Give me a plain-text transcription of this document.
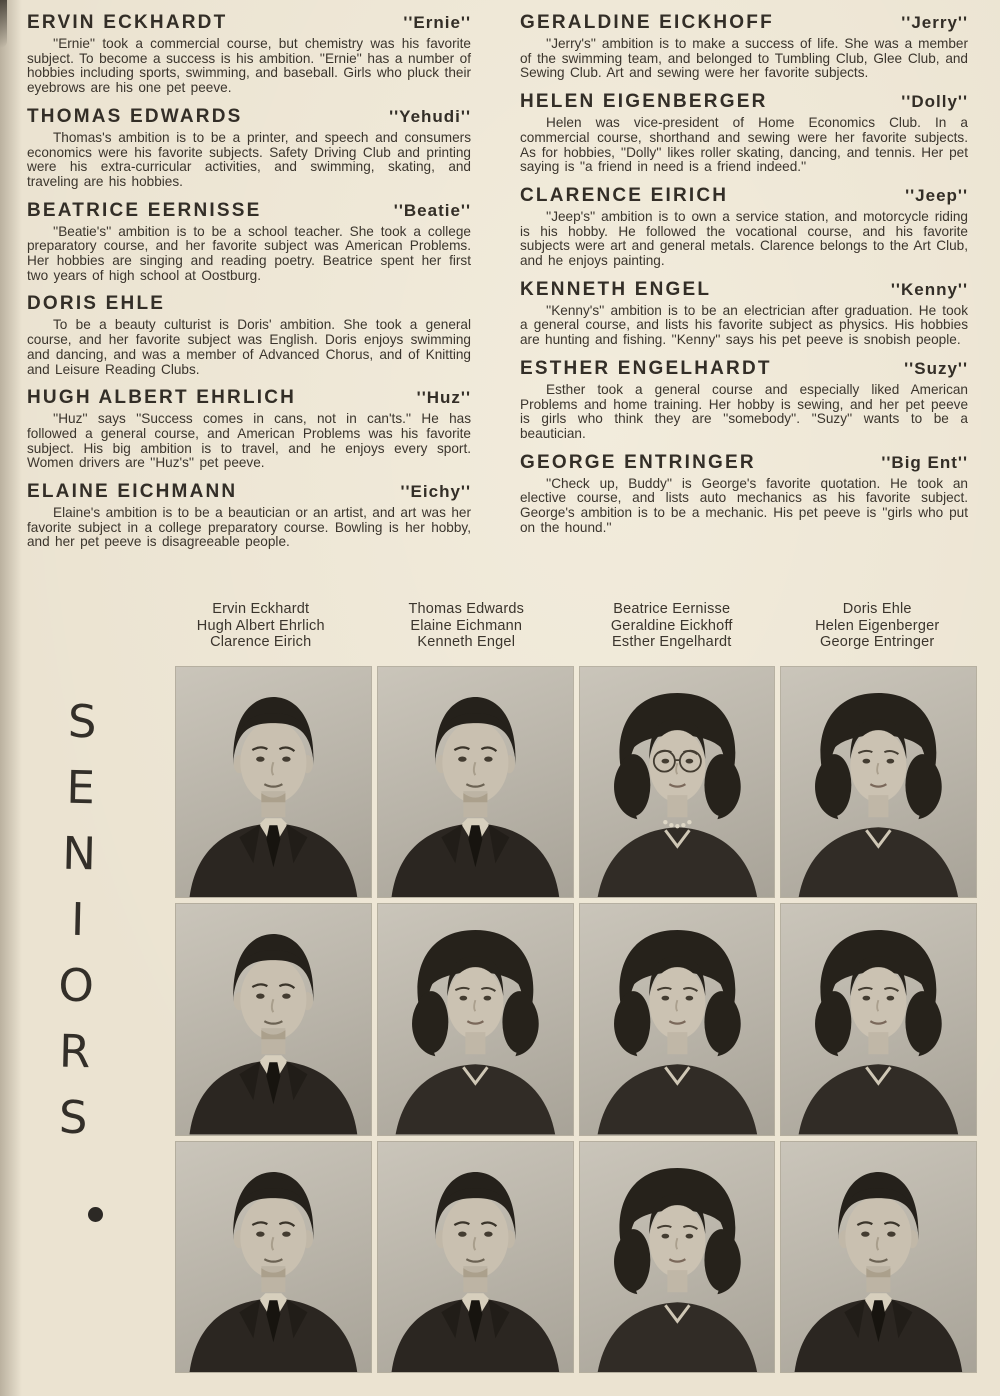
ERVIN ECKHARDT	''Ernie''

''Ernie'' took a commercial course, but chemistry was his favorite subject. To become a success is his ambition. ''Ernie'' has a number of hobbies including sports, swimming, and baseball. Girls who pluck their eyebrows are his one pet peeve.

THOMAS EDWARDS	''Yehudi''

Thomas's ambition is to be a printer, and speech and consumers economics were his favorite subjects. Safety Driving Club and printing were his extra-curricular activities, and swimming, skating, and traveling are his hobbies.

BEATRICE EERNISSE	''Beatie''

''Beatie's'' ambition is to be a school teacher. She took a college preparatory course, and her favorite subject was American Problems. Her hobbies are singing and reading poetry. Beatrice spent her first two years of high school at Oostburg.

DORIS EHLE

To be a beauty culturist is Doris' ambition. She took a general course, and her favorite subject was English. Doris enjoys swimming and dancing, and was a member of Advanced Chorus, and of Knitting and Leisure Reading Clubs.

HUGH ALBERT EHRLICH	''Huz''

''Huz'' says ''Success comes in cans, not in can'ts.'' He has followed a general course, and American Problems was his favorite subject. His big ambition is to travel, and he enjoys every sport. Women drivers are ''Huz's'' pet peeve.

ELAINE EICHMANN	''Eichy''

Elaine's ambition is to be a beautician or an artist, and art was her favorite subject in a college preparatory course. Bowling is her hobby, and her pet peeve is disagreeable people.

GERALDINE EICKHOFF	''Jerry''

''Jerry's'' ambition is to make a success of life. She was a member of the swimming team, and belonged to Tumbling Club, Glee Club, and Sewing Club. Art and sewing were her favorite subjects.

HELEN EIGENBERGER	''Dolly''

Helen was vice-president of Home Economics Club. In a commercial course, shorthand and sewing were her favorite subjects. As for hobbies, ''Dolly'' likes roller skating, dancing, and tennis. Her pet saying is ''a friend in need is a friend indeed.''

CLARENCE EIRICH	''Jeep''

''Jeep's'' ambition is to own a service station, and motorcycle riding is his hobby. He followed the vocational course, and his favorite subjects were art and general metals. Clarence belongs to the Art Club, and he enjoys painting.

KENNETH ENGEL	''Kenny''

''Kenny's'' ambition is to be an electrician after graduation. He took a general course, and lists his favorite subject as physics. His hobbies are hunting and fishing. ''Kenny'' says his pet peeve is snobish people.

ESTHER ENGELHARDT	''Suzy''

Esther took a general course and especially liked American Problems and home training. Her hobby is sewing, and her pet peeve is girls who think they are ''somebody''. ''Suzy'' wants to be a beautician.

GEORGE ENTRINGER	''Big Ent''

''Check up, Buddy'' is George's favorite quotation. He took an elective course, and lists auto mechanics as his favorite subject. George's ambition is to be a mechanic. His pet peeve is ''girls who put on the hound.''

Ervin Eckhardt
Hugh Albert Ehrlich
Clarence Eirich
Thomas Edwards
Elaine Eichmann
Kenneth Engel
Beatrice Eernisse
Geraldine Eickhoff
Esther Engelhardt
Doris Ehle
Helen Eigenberger
George Entringer
S
E
N
I
O
R
S
